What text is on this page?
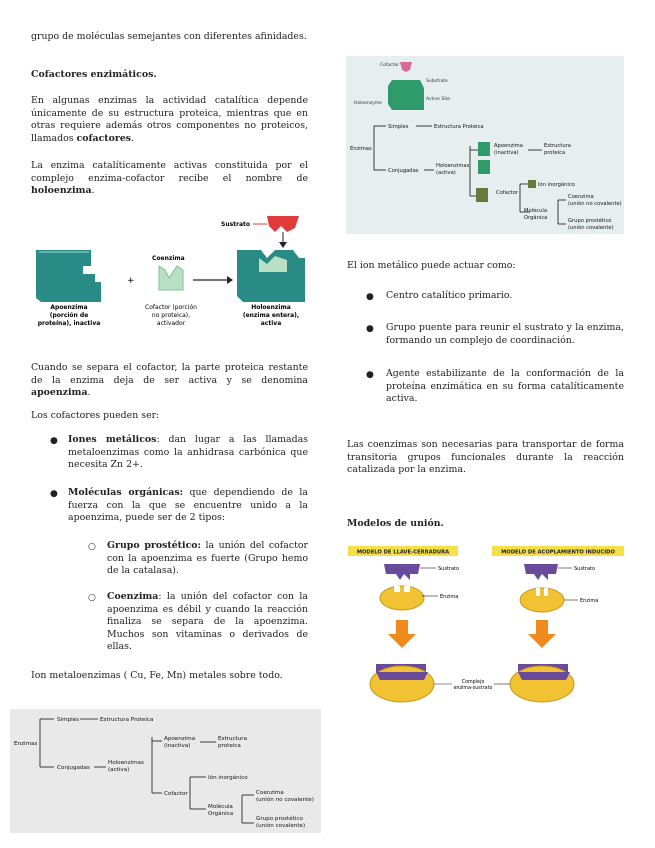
grupo de moléculas semejantes con diferentes afinidades.

Cofactores enzimáticos.

En algunas enzimas la actividad catalítica depende únicamente de su estructura proteica, mientras que en otras requiere además otros componentes no proteicos, llamados cofactores.

La enzima catalíticamente activas constituida por el complejo enzima-cofactor recibe el nombre de holoenzima.

+
Coenzima
Sustrato
Apoenzima (porción de proteína), inactiva
Cofactor (porción no proteica), activador
Holoenzima (enzima entera), activa

Cuando se separa el cofactor, la parte proteica restante de la enzima deja de ser activa y se denomina apoenzima.

Los cofactores pueden ser:

● Iones metálicos: dan lugar a las llamadas metaloenzimas como la anhidrasa carbónica que necesita Zn 2+.

● Moléculas orgánicas: que dependiendo de la fuerza con la que se encuentre unido a la apoenzima, puede ser de 2 tipos:

○ Grupo prostético: la unión del cofactor con la apoenzima es fuerte (Grupo hemo de la catalasa).

○ Coenzima: la unión del cofactor con la apoenzima es débil y cuando la reacción finaliza se separa de la apoenzima. Muchos son vitaminas o derivados de ellas.

Ion metaloenzimas ( Cu, Fe, Mn) metales sobre todo.

Enzimas
Simples	Estructura Proteica
Conjugadas
Holoenzimas
(activa)
Apoenzima
(inactiva)
Estructura
proteica
Cofactor
Ión inorgánico
Molécula
Orgánica
Coenzima
(unión no covalente)
Grupo prostético
(unión covalente)
Cofactor
Substrate
Active Site
Holoenzyme
Enzimas
Simples	Estructura Proteica
Conjugadas
Holoenzimas
(activa)
Apoenzima
(inactiva)
Estructura
proteica
Cofactor
Ión inorgánico
Molécula
Orgánica
Coenzima
(unión no covalente)
Grupo prostético
(unión covalente)

El ion metálico puede actuar como:

● Centro catalítico primario.

● Grupo puente para reunir el sustrato y la enzima, formando un complejo de coordinación.

● Agente estabilizante de la conformación de la proteína enzimática en su forma catalíticamente activa.

Las coenzimas son necesarias para transportar de forma transitoria grupos funcionales durante la reacción catalizada por la enzima.

Modelos de unión.

MODELO DE LLAVE-CERRADURA	MODELO DE ACOPLAMIENTO INDUCIDO
Sustrato
Enzima
Sustrato
Enzima
Complejo enzima-sustrato
